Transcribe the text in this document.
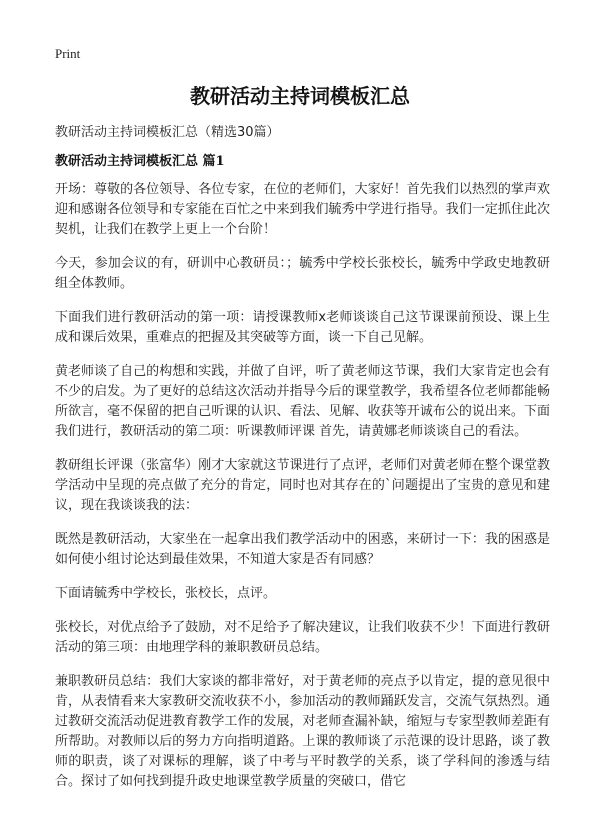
Print
教研活动主持词模板汇总
教研活动主持词模板汇总（精选30篇）
教研活动主持词模板汇总 篇1

开场：尊敬的各位领导、各位专家，在位的老师们，大家好！首先我们以热烈的掌声欢迎和感谢各位领导和专家能在百忙之中来到我们毓秀中学进行指导。我们一定抓住此次契机，让我们在教学上更上一个台阶！

今天，参加会议的有，研训中心教研员：；毓秀中学校长张校长，毓秀中学政史地教研组全体教师。

下面我们进行教研活动的第一项：请授课教师x老师谈谈自己这节课课前预设、课上生成和课后效果，重难点的把握及其突破等方面，谈一下自己见解。

黄老师谈了自己的构想和实践，并做了自评，听了黄老师这节课，我们大家肯定也会有不少的启发。为了更好的总结这次活动并指导今后的课堂教学，我希望各位老师都能畅所欲言，毫不保留的把自己听课的认识、看法、见解、收获等开诚布公的说出来。下面我们进行，教研活动的第二项：听课教师评课 首先，请黄娜老师谈谈自己的看法。

教研组长评课（张富华）刚才大家就这节课进行了点评，老师们对黄老师在整个课堂教学活动中呈现的亮点做了充分的肯定，同时也对其存在的`问题提出了宝贵的意见和建议，现在我谈谈我的法：

既然是教研活动，大家坐在一起拿出我们教学活动中的困惑，来研讨一下：我的困惑是如何使小组讨论达到最佳效果，不知道大家是否有同感？

下面请毓秀中学校长，张校长，点评。

张校长，对优点给予了鼓励，对不足给予了解决建议，让我们收获不少！下面进行教研活动的第三项：由地理学科的兼职教研员总结。

兼职教研员总结：我们大家谈的都非常好，对于黄老师的亮点予以肯定，提的意见很中肯，从表情看来大家教研交流收获不小，参加活动的教师踊跃发言，交流气氛热烈。通过教研交流活动促进教育教学工作的发展，对老师查漏补缺，缩短与专家型教师差距有所帮助。对教师以后的努力方向指明道路。上课的教师谈了示范课的设计思路，谈了教师的职责，谈了对课标的理解，谈了中考与平时教学的关系，谈了学科间的渗透与结合。探讨了如何找到提升政史地课堂教学质量的突破口，借它
